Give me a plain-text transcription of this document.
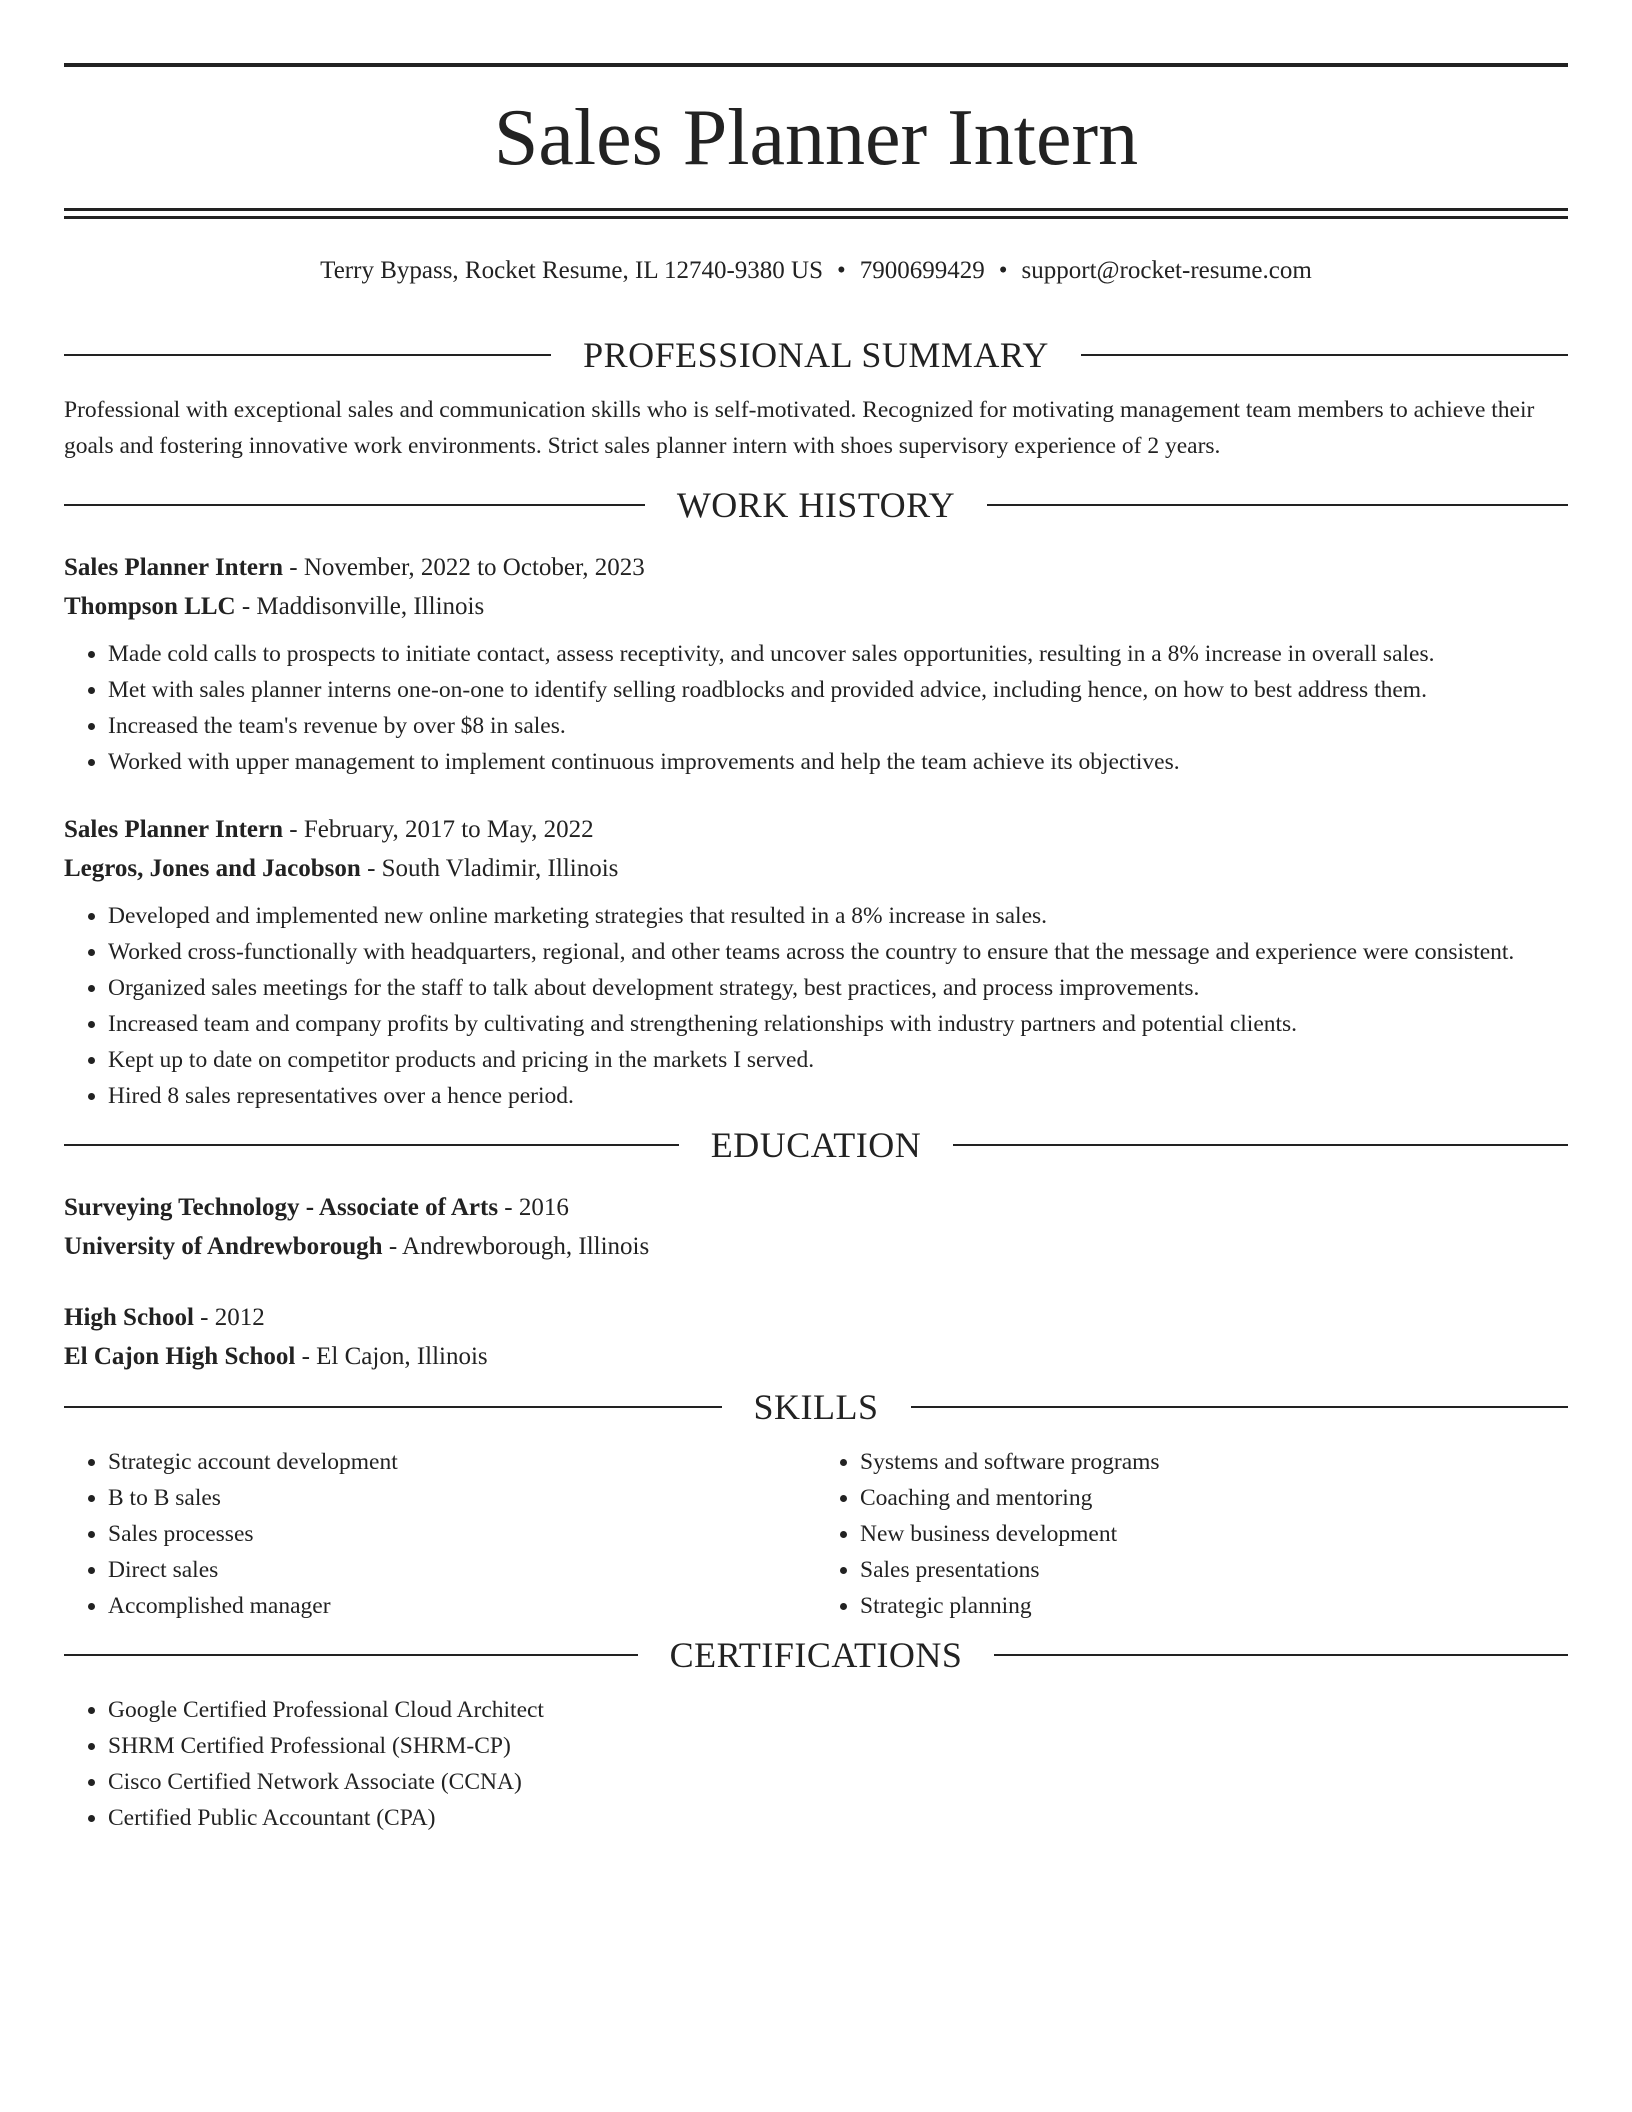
Sales Planner Intern
Terry Bypass, Rocket Resume, IL 12740-9380 US • 7900699429 • support@rocket-resume.com
PROFESSIONAL SUMMARY

Professional with exceptional sales and communication skills who is self-motivated. Recognized for motivating management team members to achieve their goals and fostering innovative work environments. Strict sales planner intern with shoes supervisory experience of 2 years.

WORK HISTORY
Sales Planner Intern - November, 2022 to October, 2023
Thompson LLC - Maddisonville, Illinois
• Made cold calls to prospects to initiate contact, assess receptivity, and uncover sales opportunities, resulting in a 8% increase in overall sales.
• Met with sales planner interns one-on-one to identify selling roadblocks and provided advice, including hence, on how to best address them.
• Increased the team's revenue by over $8 in sales.
• Worked with upper management to implement continuous improvements and help the team achieve its objectives.
Sales Planner Intern - February, 2017 to May, 2022
Legros, Jones and Jacobson - South Vladimir, Illinois
• Developed and implemented new online marketing strategies that resulted in a 8% increase in sales.
• Worked cross-functionally with headquarters, regional, and other teams across the country to ensure that the message and experience were consistent.
• Organized sales meetings for the staff to talk about development strategy, best practices, and process improvements.
• Increased team and company profits by cultivating and strengthening relationships with industry partners and potential clients.
• Kept up to date on competitor products and pricing in the markets I served.
• Hired 8 sales representatives over a hence period.
EDUCATION
Surveying Technology - Associate of Arts - 2016
University of Andrewborough - Andrewborough, Illinois
High School - 2012
El Cajon High School - El Cajon, Illinois
SKILLS
• Strategic account development
• B to B sales
• Sales processes
• Direct sales
• Accomplished manager
• Systems and software programs
• Coaching and mentoring
• New business development
• Sales presentations
• Strategic planning
CERTIFICATIONS
• Google Certified Professional Cloud Architect
• SHRM Certified Professional (SHRM-CP)
• Cisco Certified Network Associate (CCNA)
• Certified Public Accountant (CPA)
